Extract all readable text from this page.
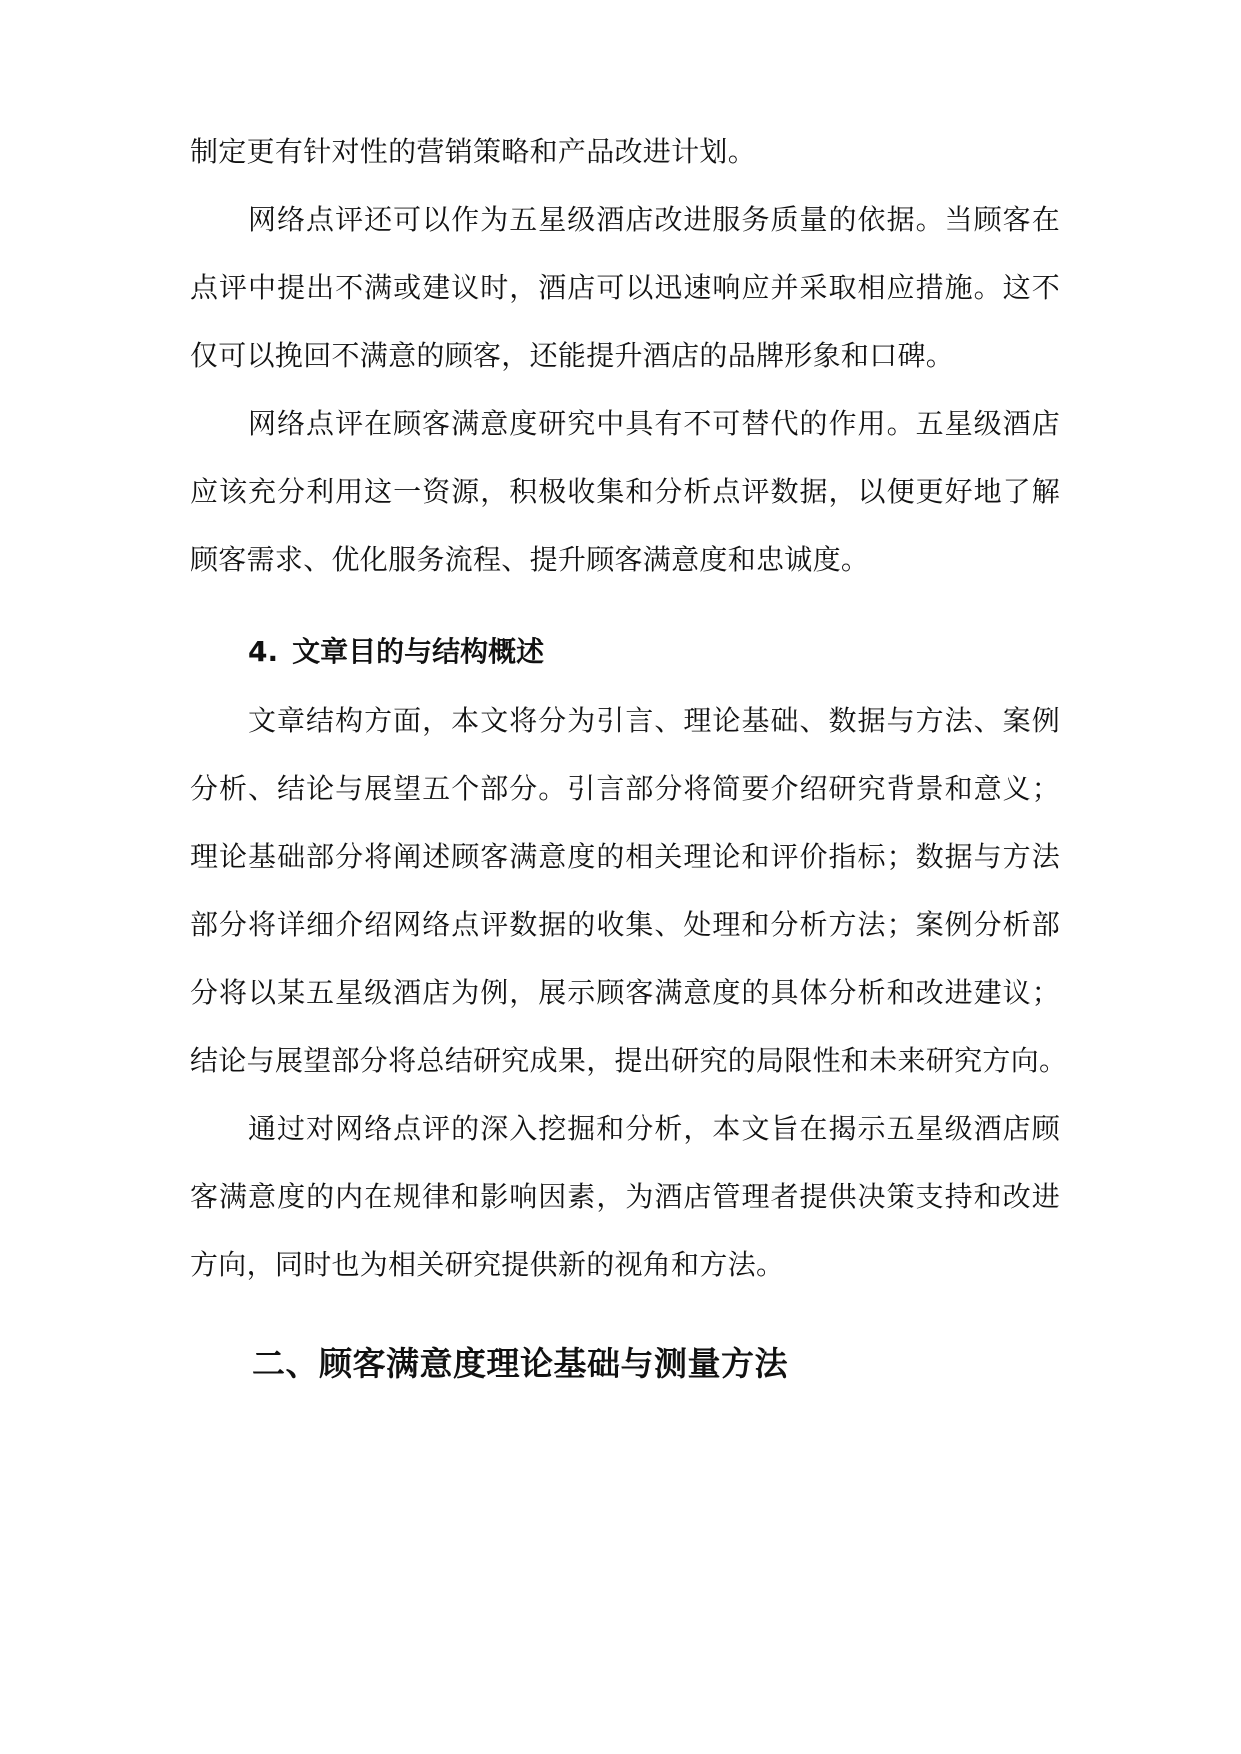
制定更有针对性的营销策略和产品改进计划。
网络点评还可以作为五星级酒店改进服务质量的依据。当顾客在
点评中提出不满或建议时，酒店可以迅速响应并采取相应措施。这不
仅可以挽回不满意的顾客，还能提升酒店的品牌形象和口碑。
网络点评在顾客满意度研究中具有不可替代的作用。五星级酒店
应该充分利用这一资源，积极收集和分析点评数据，以便更好地了解
顾客需求、优化服务流程、提升顾客满意度和忠诚度。
4. 文章目的与结构概述
文章结构方面，本文将分为引言、理论基础、数据与方法、案例
分析、结论与展望五个部分。引言部分将简要介绍研究背景和意义；
理论基础部分将阐述顾客满意度的相关理论和评价指标；数据与方法
部分将详细介绍网络点评数据的收集、处理和分析方法；案例分析部
分将以某五星级酒店为例，展示顾客满意度的具体分析和改进建议；
结论与展望部分将总结研究成果，提出研究的局限性和未来研究方向。
通过对网络点评的深入挖掘和分析，本文旨在揭示五星级酒店顾
客满意度的内在规律和影响因素，为酒店管理者提供决策支持和改进
方向，同时也为相关研究提供新的视角和方法。
二、顾客满意度理论基础与测量方法
